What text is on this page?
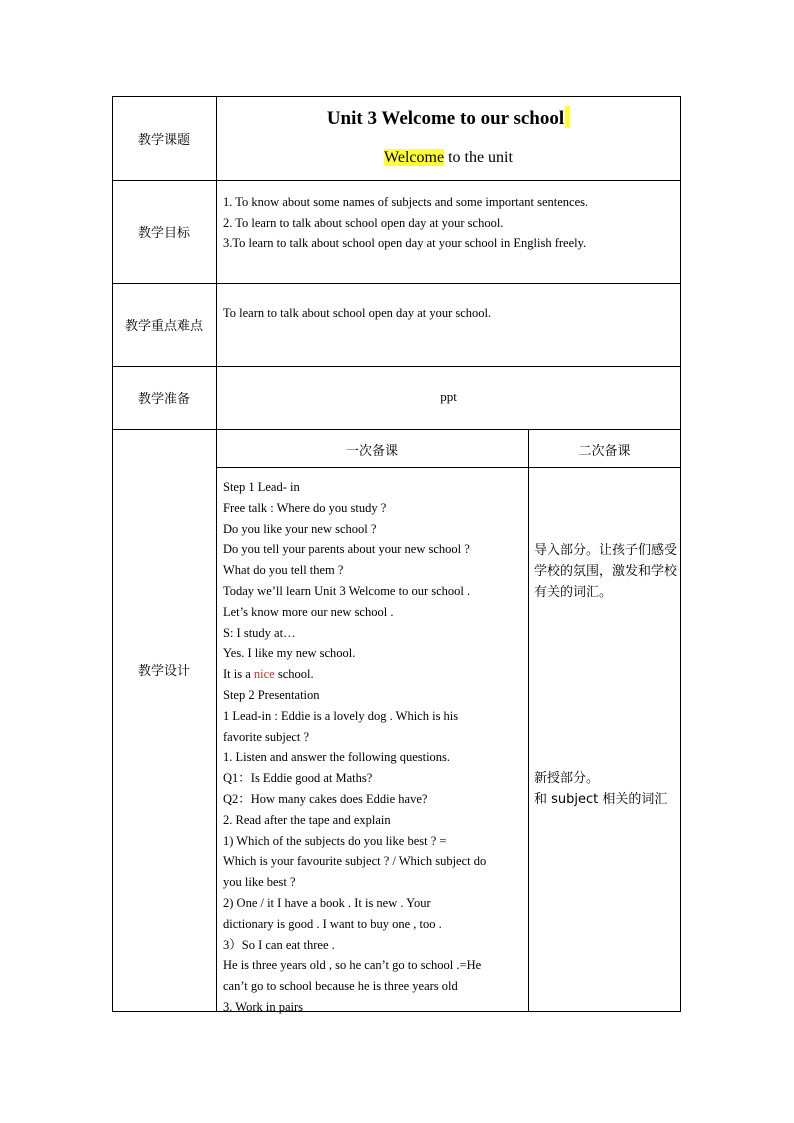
教学课题
教学目标
教学重点难点
教学准备
教学设计
Unit 3 Welcome to our school
Welcome to the unit
1. To know about some names of subjects and some important sentences.
2. To learn to talk about school open day at your school.
3.To learn to talk about school open day at your school in English freely.
To learn to talk about school open day at your school.
ppt
一次备课	二次备课
Step 1 Lead- in
Free talk : Where do you study ?
Do you like your new school ?
Do you tell your parents about your new school ?
What do you tell them ?
Today we’ll learn Unit 3 Welcome to our school .
Let’s know more our new school .
S: I study at…
Yes. I like my new school.
It is a nice school.
Step 2 Presentation
1 Lead-in : Eddie is a lovely dog . Which is his
favorite subject ?
1. Listen and answer the following questions.
Q1：Is Eddie good at Maths?
Q2：How many cakes does Eddie have?
2. Read after the tape and explain
1) Which of the subjects do you like best ? =
Which is your favourite subject ? / Which subject do
you like best ?
2) One / it I have a book . It is new . Your
dictionary is good . I want to buy one , too .
3）So I can eat three .
He is three years old , so he can’t go to school .=He
can’t go to school because he is three years old
3. Work in pairs
导入部分。让孩子们感受学校的氛围，激发和学校有关的词汇。
新授部分。
和 subject 相关的词汇
